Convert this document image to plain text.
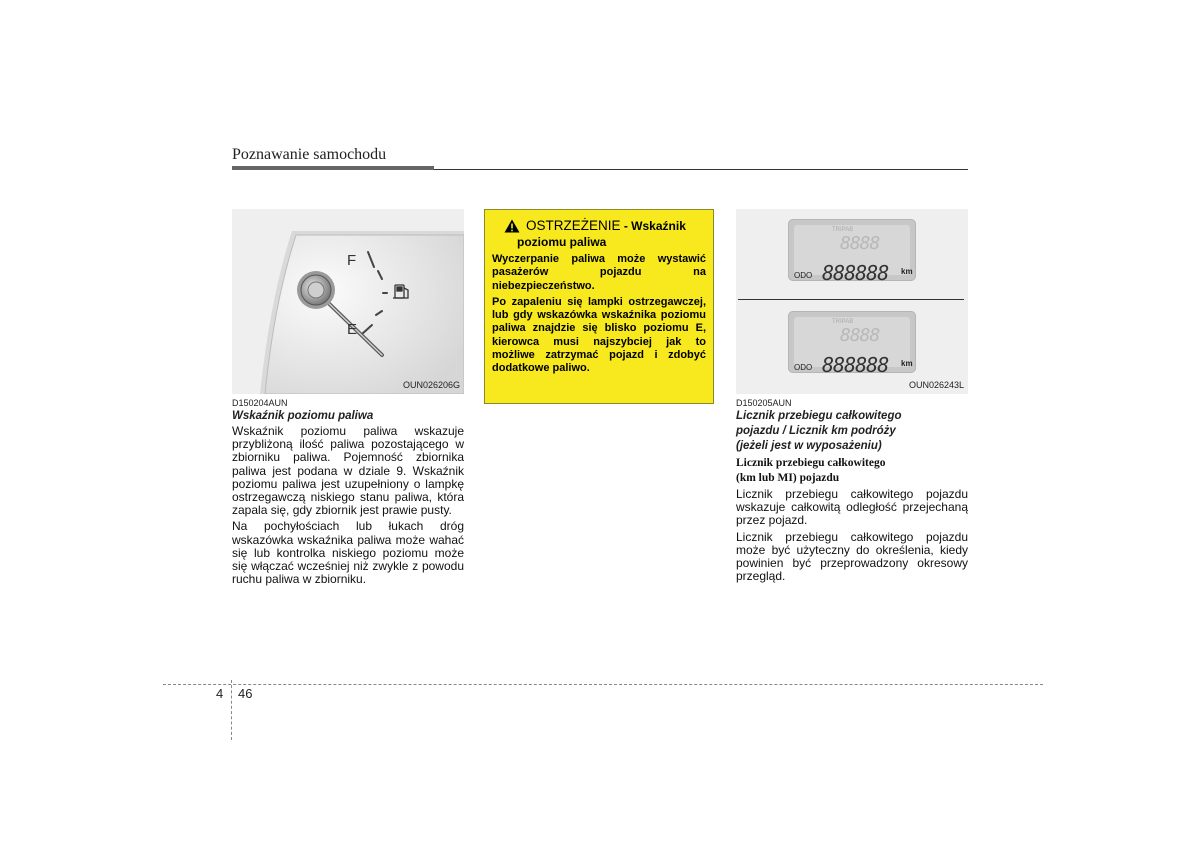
Poznawanie samochodu
F
E
OUN026206G
D150204AUN
Wskaźnik poziomu paliwa

Wskaźnik poziomu paliwa wskazuje przybliżoną ilość paliwa pozostającego w zbiorniku paliwa. Pojemność zbiornika paliwa jest podana w dziale 9. Wskaźnik poziomu paliwa jest uzupełniony o lampkę ostrzegawczą niskiego stanu paliwa, która zapala się, gdy zbiornik jest prawie pusty.

Na pochyłościach lub łukach dróg wskazówka wskaźnika paliwa może wahać się lub kontrolka niskiego poziomu może się włączać wcześniej niż zwykle z powodu ruchu paliwa w zbiorniku.

OSTRZEŻENIE - Wskaźnik
poziomu paliwa

Wyczerpanie paliwa może wystawić pasażerów pojazdu na niebezpieczeństwo.

Po zapaleniu się lampki ostrzegawczej, lub gdy wskazówka wskaźnika poziomu paliwa znajdzie się blisko poziomu E, kierowca musi najszybciej jak to możliwe zatrzymać pojazd i zdobyć dodatkowe paliwo.

TRIPAB
8888
ODO 888888 km
TRIPAB
8888
ODO 888888 km
OUN026243L
D150205AUN
Licznik przebiegu całkowitego
pojazdu / Licznik km podróży
(jeżeli jest w wyposażeniu)
Licznik przebiegu całkowitego
(km lub MI) pojazdu

Licznik przebiegu całkowitego pojazdu wskazuje całkowitą odległość przejechaną przez pojazd.

Licznik przebiegu całkowitego pojazdu może być użyteczny do określenia, kiedy powinien być przeprowadzony okresowy przegląd.

4 46
